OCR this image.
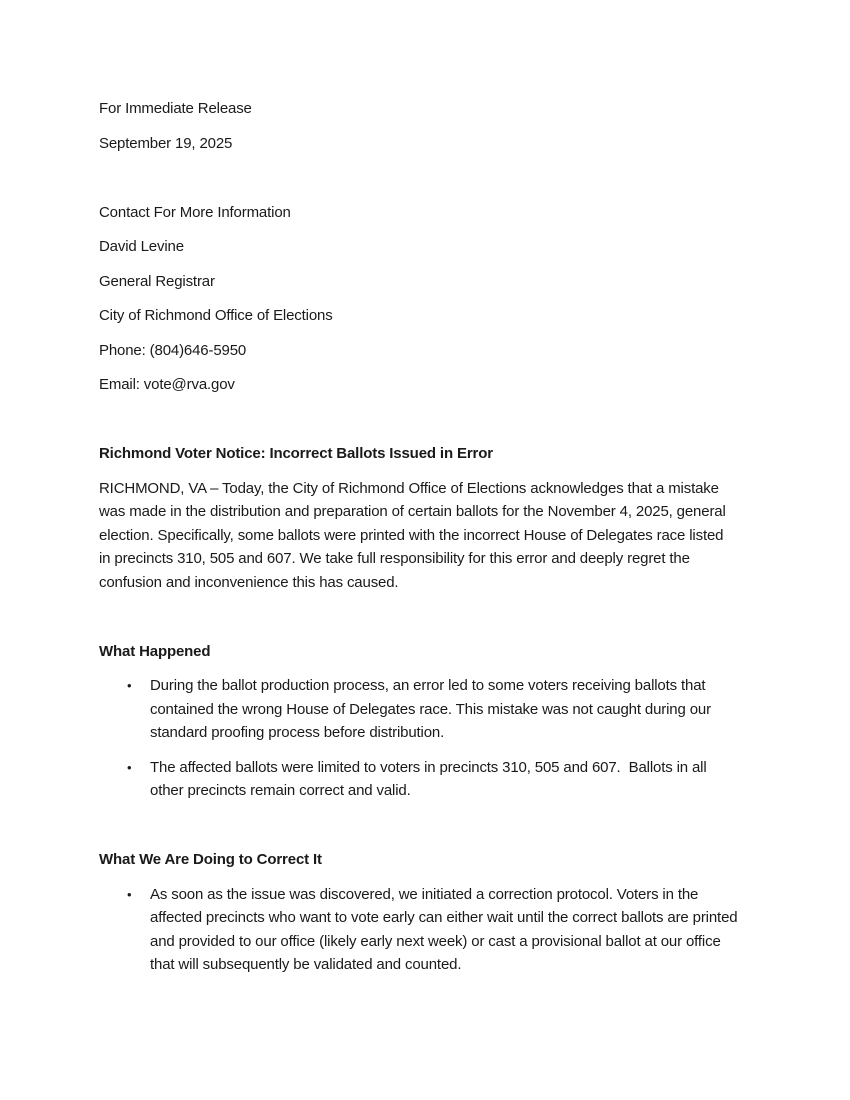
For Immediate Release

September 19, 2025

Contact For More Information

David Levine

General Registrar

City of Richmond Office of Elections

Phone: (804)646-5950

Email: vote@rva.gov

Richmond Voter Notice: Incorrect Ballots Issued in Error

RICHMOND, VA – Today, the City of Richmond Office of Elections acknowledges that a mistake was made in the distribution and preparation of certain ballots for the November 4, 2025, general election. Specifically, some ballots were printed with the incorrect House of Delegates race listed in precincts 310, 505 and 607. We take full responsibility for this error and deeply regret the confusion and inconvenience this has caused.

What Happened

•	During the ballot production process, an error led to some voters receiving ballots that contained the wrong House of Delegates race. This mistake was not caught during our standard proofing process before distribution.
•	The affected ballots were limited to voters in precincts 310, 505 and 607.  Ballots in all other precincts remain correct and valid.

What We Are Doing to Correct It

•	As soon as the issue was discovered, we initiated a correction protocol. Voters in the affected precincts who want to vote early can either wait until the correct ballots are printed and provided to our office (likely early next week) or cast a provisional ballot at our office that will subsequently be validated and counted.
